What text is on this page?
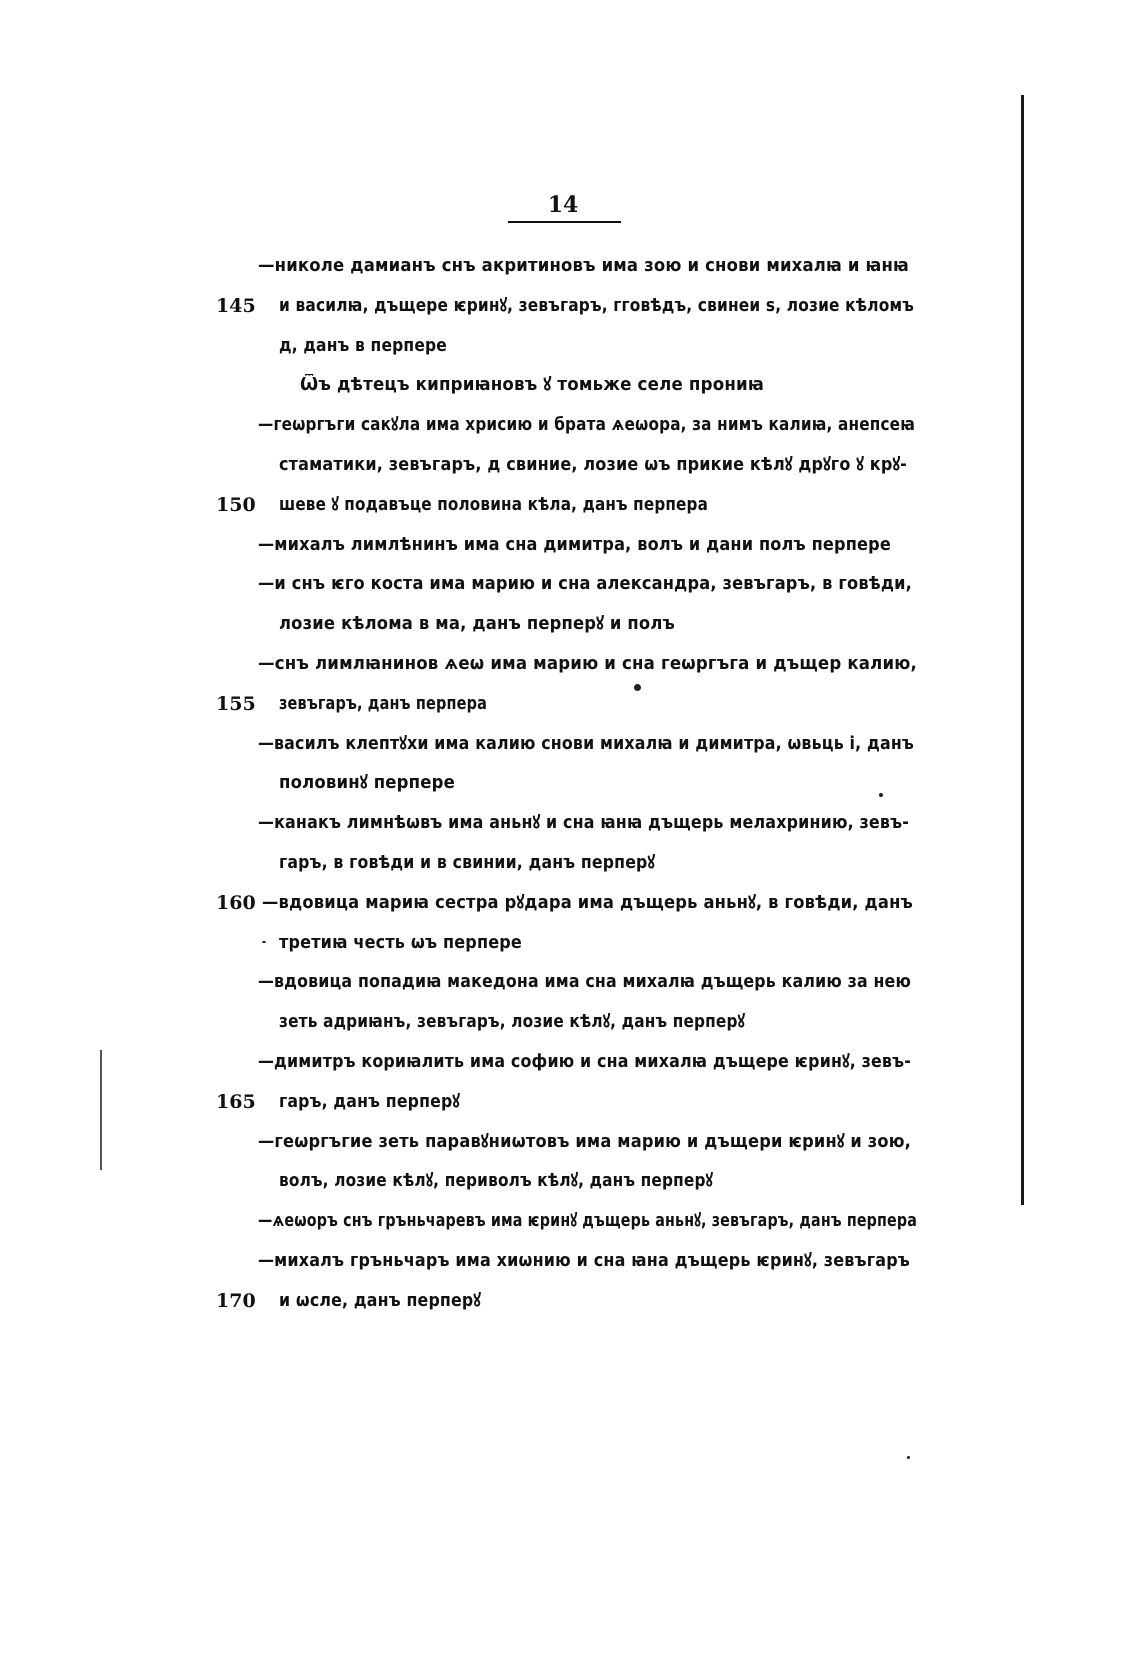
14
—николе дамианъ снъ акритиновъ има зою и снови михалꙗ и ꙗнꙗ
145	и василꙗ, дъщере ѥринꙋ, зевъгаръ, гговѣдъ, свинеи ѕ, лозие кѣломъ
д, данъ в перпере
Ѿъ дѣтецъ киприꙗновъ ꙋ томьже селе прониꙗ
—геѡргъги сакꙋла има хрисию и брата ѧеѡора, за нимъ калиꙗ, анепсеꙗ
стаматики, зевъгаръ, д свиние, лозие ѡъ прикие кѣлꙋ дрꙋго ꙋ крꙋ-
150	шеве ꙋ подавъце половина кѣла, данъ перпера
—михалъ лимлѣнинъ има сна димитра, волъ и дани полъ перпере
—и снъ ѥго коста има марию и сна александра, зевъгаръ, в говѣди,
лозие кѣлома в ма, данъ перперꙋ и полъ
—снъ лимлꙗнинов ѧеѡ има марию и сна геѡргъга и дъщер калию,
155	зевъгаръ, данъ перпера
—василъ клептꙋхи има калию снови михалꙗ и димитра, ѡвьць і, данъ
половинꙋ перпере
—канакъ лимнѣѡвъ има аньнꙋ и сна ꙗнꙗ дъщерь мелахринию, зевъ-
гаръ, в говѣди и в свинии, данъ перперꙋ
160 —вдовица мариꙗ сестра рꙋдара има дъщерь аньнꙋ, в говѣди, данъ
третиꙗ честь ѡъ перпере
—вдовица попадиꙗ македона има сна михалꙗ дъщерь калию за нею
зеть адриꙗнъ, зевъгаръ, лозие кѣлꙋ, данъ перперꙋ
—димитръ кориꙗлить има софию и сна михалꙗ дъщере ѥринꙋ, зевъ-
165	гаръ, данъ перперꙋ
—геѡргъгие зеть паравꙋниѡтовъ има марию и дъщери ѥринꙋ и зою,
волъ, лозие кѣлꙋ, периволъ кѣлꙋ, данъ перперꙋ
—ѧеѡоръ снъ гръньчаревъ има ѥринꙋ дъщерь аньнꙋ, зевъгаръ, данъ перпера
—михалъ гръньчаръ има хиѡнию и сна ꙗна дъщерь ѥринꙋ, зевъгаръ
170	и ѡсле, данъ перперꙋ
